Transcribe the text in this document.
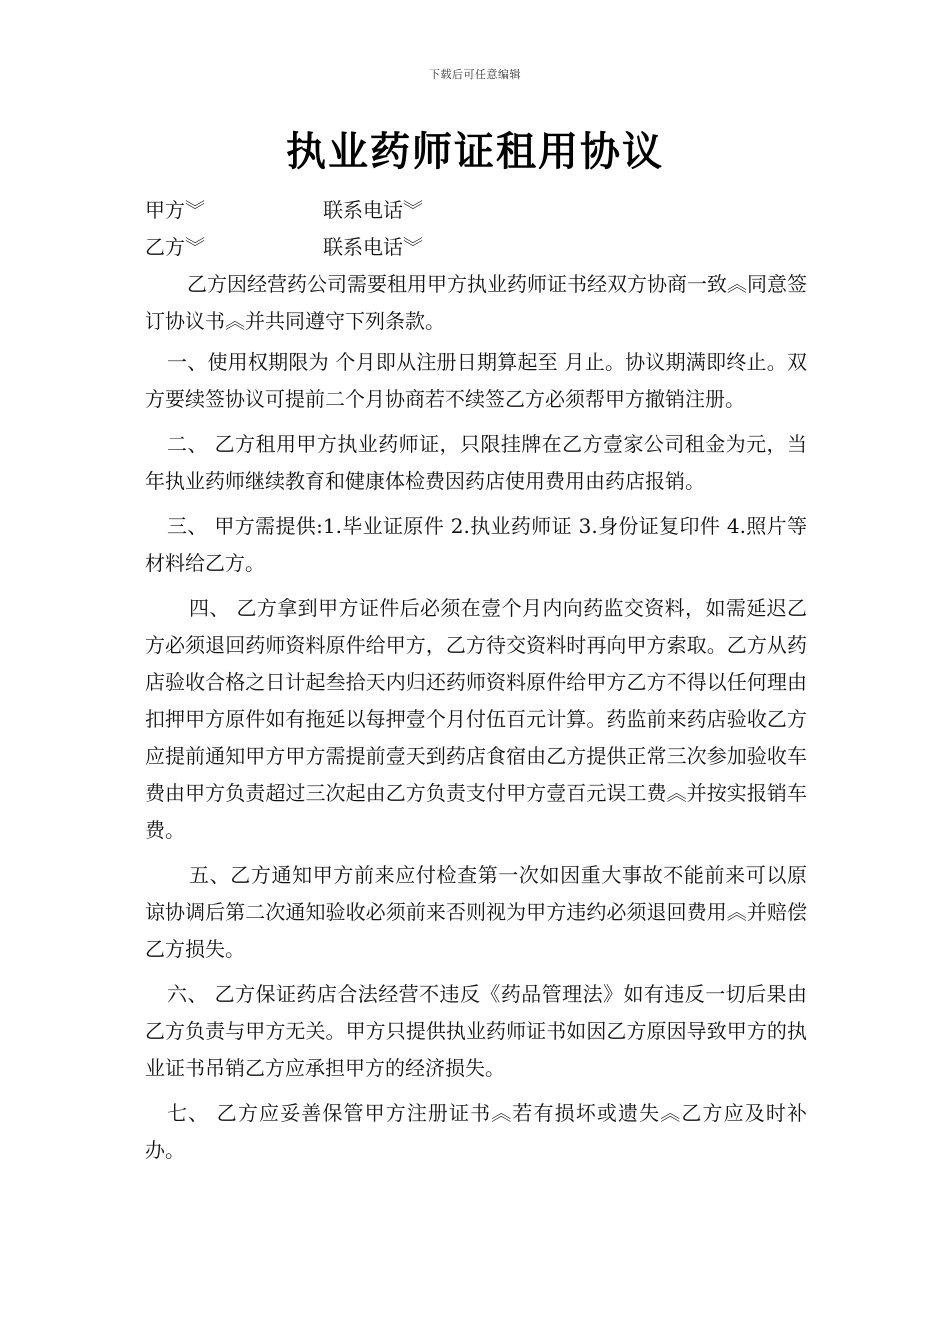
下载后可任意编辑
执业药师证租用协议
甲方︾	联系电话︾
乙方︾	联系电话︾

乙方因经营药公司需要租用甲方执业药师证书经双方协商一致︽同意签订协议书︽并共同遵守下列条款。

一、使用权期限为 个月即从注册日期算起至 月止。协议期满即终止。双方要续签协议可提前二个月协商若不续签乙方必须帮甲方撤销注册。

二、 乙方租用甲方执业药师证，只限挂牌在乙方壹家公司租金为元，当年执业药师继续教育和健康体检费因药店使用费用由药店报销。

三、 甲方需提供:1.毕业证原件 2.执业药师证 3.身份证复印件 4.照片等材料给乙方。

四、 乙方拿到甲方证件后必须在壹个月内向药监交资料，如需延迟乙方必须退回药师资料原件给甲方，乙方待交资料时再向甲方索取。乙方从药店验收合格之日计起叁拾天内归还药师资料原件给甲方乙方不得以任何理由扣押甲方原件如有拖延以每押壹个月付伍百元计算。药监前来药店验收乙方应提前通知甲方甲方需提前壹天到药店食宿由乙方提供正常三次参加验收车费由甲方负责超过三次起由乙方负责支付甲方壹百元误工费︽并按实报销车费。

五、乙方通知甲方前来应付检查第一次如因重大事故不能前来可以原谅协调后第二次通知验收必须前来否则视为甲方违约必须退回费用︽并赔偿乙方损失。

六、 乙方保证药店合法经营不违反《药品管理法》如有违反一切后果由乙方负责与甲方无关。甲方只提供执业药师证书如因乙方原因导致甲方的执业证书吊销乙方应承担甲方的经济损失。

七、 乙方应妥善保管甲方注册证书︽若有损坏或遗失︽乙方应及时补办。
